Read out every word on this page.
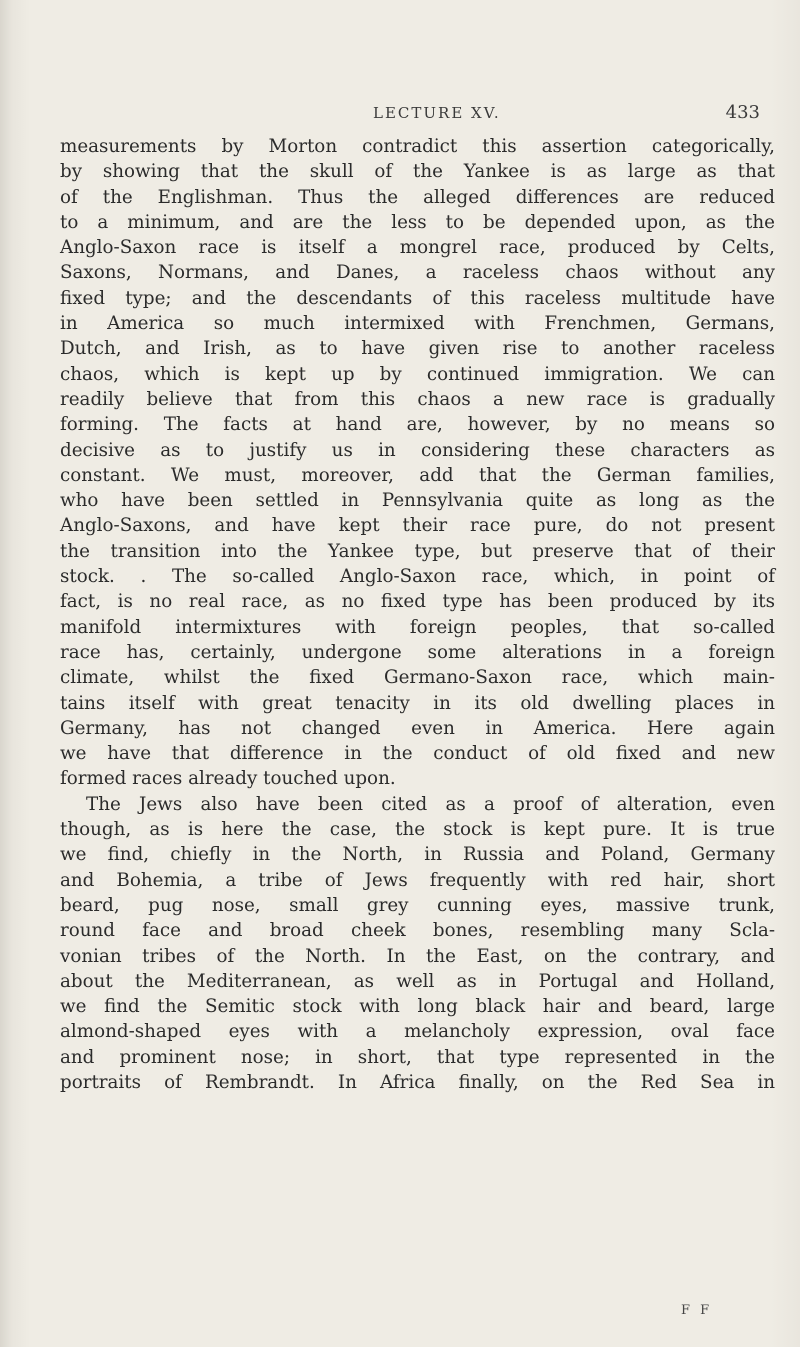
LECTURE XV.	433
measurements by Morton contradict this assertion categorically,
by showing that the skull of the Yankee is as large as that
of the Englishman. Thus the alleged differences are reduced
to a minimum, and are the less to be depended upon, as the
Anglo-Saxon race is itself a mongrel race, produced by Celts,
Saxons, Normans, and Danes, a raceless chaos without any
fixed type; and the descendants of this raceless multitude have
in America so much intermixed with Frenchmen, Germans,
Dutch, and Irish, as to have given rise to another raceless
chaos, which is kept up by continued immigration. We can
readily believe that from this chaos a new race is gradually
forming. The facts at hand are, however, by no means so
decisive as to justify us in considering these characters as
constant. We must, moreover, add that the German families,
who have been settled in Pennsylvania quite as long as the
Anglo-Saxons, and have kept their race pure, do not present
the transition into the Yankee type, but preserve that of their
stock. . The so-called Anglo-Saxon race, which, in point of
fact, is no real race, as no fixed type has been produced by its
manifold intermixtures with foreign peoples, that so-called
race has, certainly, undergone some alterations in a foreign
climate, whilst the fixed Germano-Saxon race, which main-
tains itself with great tenacity in its old dwelling places in
Germany, has not changed even in America. Here again
we have that difference in the conduct of old fixed and new
formed races already touched upon.
The Jews also have been cited as a proof of alteration, even
though, as is here the case, the stock is kept pure. It is true
we find, chiefly in the North, in Russia and Poland, Germany
and Bohemia, a tribe of Jews frequently with red hair, short
beard, pug nose, small grey cunning eyes, massive trunk,
round face and broad cheek bones, resembling many Scla-
vonian tribes of the North. In the East, on the contrary, and
about the Mediterranean, as well as in Portugal and Holland,
we find the Semitic stock with long black hair and beard, large
almond-shaped eyes with a melancholy expression, oval face
and prominent nose; in short, that type represented in the
portraits of Rembrandt. In Africa finally, on the Red Sea in
F F
